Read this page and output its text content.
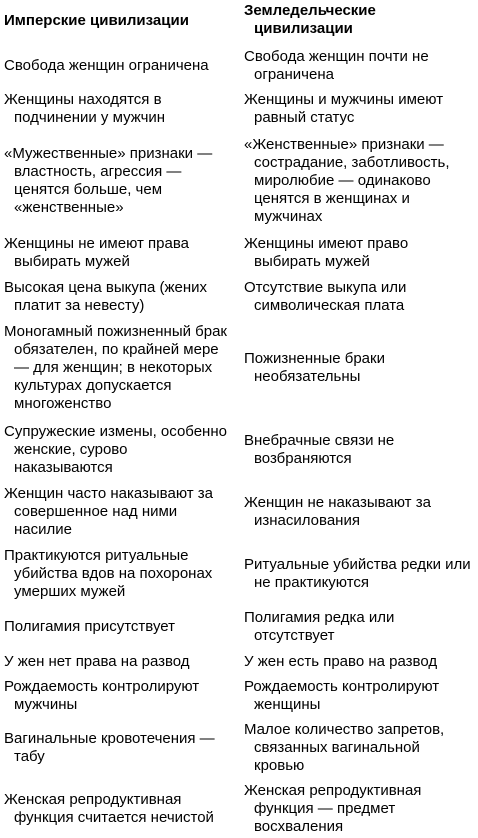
Имперские цивилизации
Земледельческие
цивилизации
Свобода женщин ограничена
Свобода женщин почти не
ограничена
Женщины находятся в
подчинении у мужчин
Женщины и мужчины имеют
равный статус
«Мужественные» признаки —
властность, агрессия —
ценятся больше, чем
«женственные»
«Женственные» признаки —
сострадание, заботливость,
миролюбие — одинаково
ценятся в женщинах и
мужчинах
Женщины не имеют права
выбирать мужей
Женщины имеют право
выбирать мужей
Высокая цена выкупа (жених
платит за невесту)
Отсутствие выкупа или
символическая плата
Моногамный пожизненный брак
обязателен, по крайней мере
— для женщин; в некоторых
культурах допускается
многоженство
Пожизненные браки
необязательны
Супружеские измены, особенно
женские, сурово
наказываются
Внебрачные связи не
возбраняются
Женщин часто наказывают за
совершенное над ними
насилие
Женщин не наказывают за
изнасилования
Практикуются ритуальные
убийства вдов на похоронах
умерших мужей
Ритуальные убийства редки или
не практикуются
Полигамия присутствует
Полигамия редка или
отсутствует
У жен нет права на развод	У жен есть право на развод
Рождаемость контролируют
мужчины
Рождаемость контролируют
женщины
Вагинальные кровотечения —
табу
Малое количество запретов,
связанных вагинальной
кровью
Женская репродуктивная
функция считается нечистой
Женская репродуктивная
функция — предмет
восхваления
